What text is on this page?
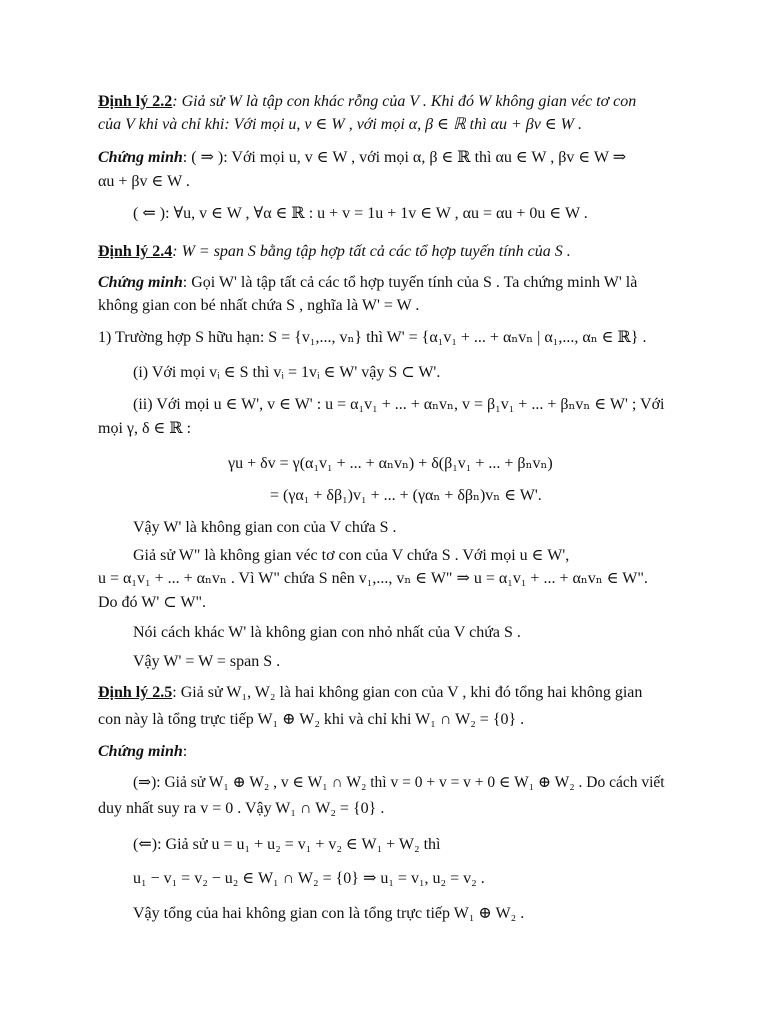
Định lý 2.2: Giả sử W là tập con khác rỗng của V . Khi đó W không gian véc tơ con
của V khi và chỉ khi: Với mọi u, v ∈ W , với mọi α, β ∈ ℝ thì αu + βv ∈ W .
Chứng minh: ( ⇒ ): Với mọi u, v ∈ W , với mọi α, β ∈ ℝ thì αu ∈ W , βv ∈ W ⇒
αu + βv ∈ W .
( ⇐ ): ∀u, v ∈ W , ∀α ∈ ℝ : u + v = 1u + 1v ∈ W , αu = αu + 0u ∈ W .
Định lý 2.4: W = span S bằng tập hợp tất cả các tổ hợp tuyến tính của S .
Chứng minh: Gọi W' là tập tất cả các tổ hợp tuyến tính của S . Ta chứng minh W' là
không gian con bé nhất chứa S , nghĩa là W' = W .
1) Trường hợp S hữu hạn: S = {v₁,..., vₙ} thì W' = {α₁v₁ + ... + αₙvₙ | α₁,..., αₙ ∈ ℝ} .
(i) Với mọi vᵢ ∈ S thì vᵢ = 1vᵢ ∈ W' vậy S ⊂ W'.
(ii) Với mọi u ∈ W', v ∈ W' : u = α₁v₁ + ... + αₙvₙ, v = β₁v₁ + ... + βₙvₙ ∈ W' ; Với
mọi γ, δ ∈ ℝ :
γu + δv = γ(α₁v₁ + ... + αₙvₙ) + δ(β₁v₁ + ... + βₙvₙ)
= (γα₁ + δβ₁)v₁ + ... + (γαₙ + δβₙ)vₙ ∈ W'.
Vậy W' là không gian con của V chứa S .
Giả sử W" là không gian véc tơ con của V chứa S . Với mọi u ∈ W',
u = α₁v₁ + ... + αₙvₙ . Vì W" chứa S nên v₁,..., vₙ ∈ W" ⇒ u = α₁v₁ + ... + αₙvₙ ∈ W".
Do đó W' ⊂ W".
Nói cách khác W' là không gian con nhỏ nhất của V chứa S .
Vậy W' = W = span S .
Định lý 2.5: Giả sử W₁, W₂ là hai không gian con của V , khi đó tổng hai không gian
con này là tổng trực tiếp W₁ ⊕ W₂ khi và chỉ khi W₁ ∩ W₂ = {0} .
Chứng minh:
(⇒): Giả sử W₁ ⊕ W₂ , v ∈ W₁ ∩ W₂ thì v = 0 + v = v + 0 ∈ W₁ ⊕ W₂ . Do cách viết
duy nhất suy ra v = 0 . Vậy W₁ ∩ W₂ = {0} .
(⇐): Giả sử u = u₁ + u₂ = v₁ + v₂ ∈ W₁ + W₂ thì
u₁ − v₁ = v₂ − u₂ ∈ W₁ ∩ W₂ = {0} ⇒ u₁ = v₁, u₂ = v₂ .
Vậy tổng của hai không gian con là tổng trực tiếp W₁ ⊕ W₂ .
